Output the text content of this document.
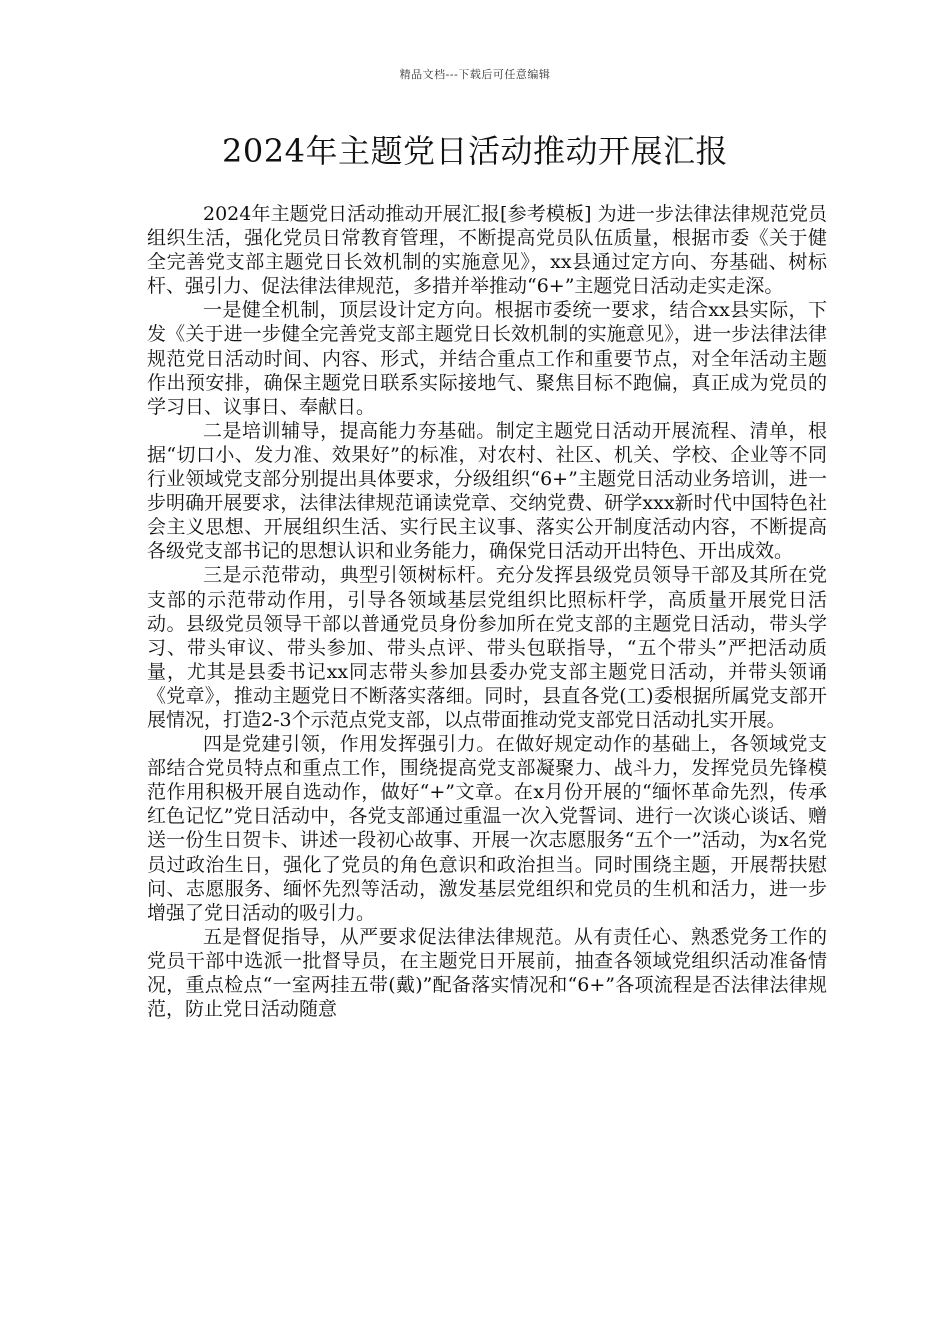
精品文档---下载后可任意编辑
2024年主题党日活动推动开展汇报

2024年主题党日活动推动开展汇报[参考模板] 为进一步法律法律规范党员组织生活，强化党员日常教育管理，不断提高党员队伍质量，根据市委《关于健全完善党支部主题党日长效机制的实施意见》，xx县通过定方向、夯基础、树标杆、强引力、促法律法律规范，多措并举推动“6+”主题党日活动走实走深。

一是健全机制，顶层设计定方向。根据市委统一要求，结合xx县实际，下发《关于进一步健全完善党支部主题党日长效机制的实施意见》，进一步法律法律规范党日活动时间、内容、形式，并结合重点工作和重要节点，对全年活动主题作出预安排，确保主题党日联系实际接地气、聚焦目标不跑偏，真正成为党员的学习日、议事日、奉献日。

二是培训辅导，提高能力夯基础。制定主题党日活动开展流程、清单，根据“切口小、发力准、效果好”的标准，对农村、社区、机关、学校、企业等不同行业领域党支部分别提出具体要求，分级组织“6+”主题党日活动业务培训，进一步明确开展要求，法律法律规范诵读党章、交纳党费、研学xxx新时代中国特色社会主义思想、开展组织生活、实行民主议事、落实公开制度活动内容，不断提高各级党支部书记的思想认识和业务能力，确保党日活动开出特色、开出成效。

三是示范带动，典型引领树标杆。充分发挥县级党员领导干部及其所在党支部的示范带动作用，引导各领域基层党组织比照标杆学，高质量开展党日活动。县级党员领导干部以普通党员身份参加所在党支部的主题党日活动，带头学习、带头审议、带头参加、带头点评、带头包联指导，“五个带头”严把活动质量，尤其是县委书记xx同志带头参加县委办党支部主题党日活动，并带头领诵《党章》，推动主题党日不断落实落细。同时，县直各党(工)委根据所属党支部开展情况，打造2-3个示范点党支部，以点带面推动党支部党日活动扎实开展。

四是党建引领，作用发挥强引力。在做好规定动作的基础上，各领域党支部结合党员特点和重点工作，围绕提高党支部凝聚力、战斗力，发挥党员先锋模范作用积极开展自选动作，做好“+”文章。在x月份开展的“缅怀革命先烈，传承红色记忆”党日活动中，各党支部通过重温一次入党誓词、进行一次谈心谈话、赠送一份生日贺卡、讲述一段初心故事、开展一次志愿服务“五个一”活动，为x名党员过政治生日，强化了党员的角色意识和政治担当。同时围绕主题，开展帮扶慰问、志愿服务、缅怀先烈等活动，激发基层党组织和党员的生机和活力，进一步增强了党日活动的吸引力。

五是督促指导，从严要求促法律法律规范。从有责任心、熟悉党务工作的党员干部中选派一批督导员，在主题党日开展前，抽查各领域党组织活动准备情况，重点检点“一室两挂五带(戴)”配备落实情况和“6+”各项流程是否法律法律规范，防止党日活动随意
